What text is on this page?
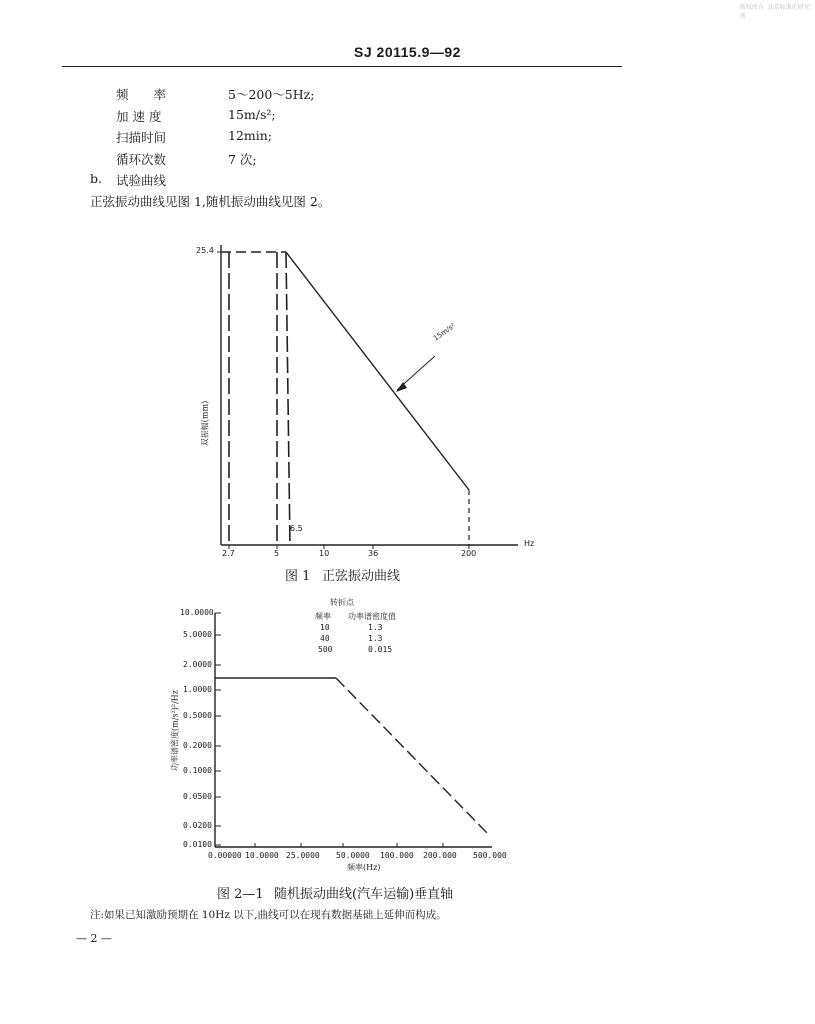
版权所有 北京标准化研究所
SJ 20115.9—92
频　　率	5～200～5Hz;
加 速 度	15m/s²;
扫描时间	12min;
循环次数	7 次;
b. 试验曲线
正弦振动曲线见图 1,随机振动曲线见图 2。
25.4
Hz
2.7	5	10	36	200
6.5
15m/s²
双振幅(mm)
图 1 正弦振动曲线
10.0000
5.0000
2.0000
1.0000
0.5000
0.2000
0.1000
0.0500
0.0200
0.0100
0.00000 10.0000 25.0000 50.0000 100.000 200.000 500.000
频率(Hz)
功率谱密度(m/s²)²/Hz
转折点
频率 功率谱密度值
10	1.3
40	1.3
500	0.015
图 2—1 随机振动曲线(汽车运输)垂直轴
注:如果已知激励预期在 10Hz 以下,曲线可以在现有数据基础上延伸而构成。
— 2 —
